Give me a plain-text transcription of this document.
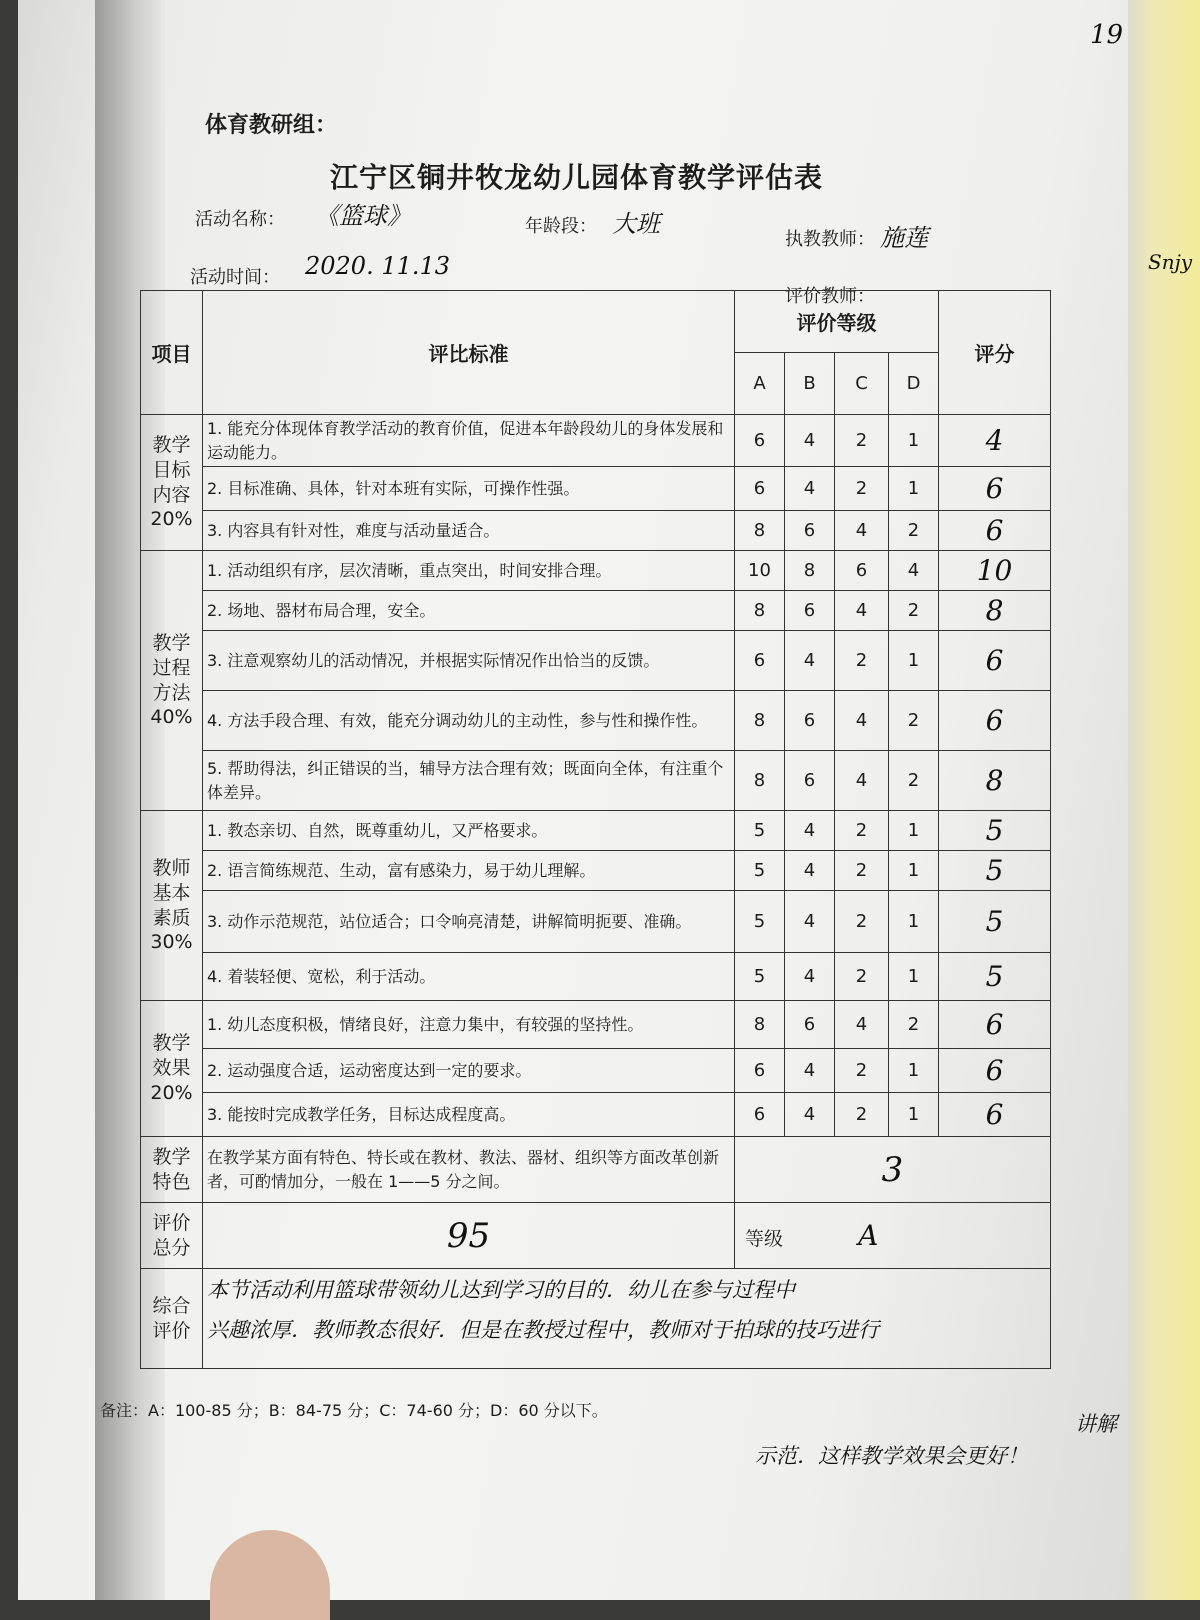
19
Snjy
体育教研组：
江宁区铜井牧龙幼儿园体育教学评估表
活动名称： 《篮球》	年龄段： 大班
执教教师： 施莲
活动时间： 2020. 11.13
评价教师：
项目	评比标准	评价等级				评分
		A	B	C	D	
教学目标内容20%	1. 能充分体现体育教学活动的教育价值，促进本年龄段幼儿的身体发展和运动能力。	6	4	2	1	4
	2. 目标准确、具体，针对本班有实际，可操作性强。	6	4	2	1	6
	3. 内容具有针对性，难度与活动量适合。	8	6	4	2	6
教学过程方法40%	1. 活动组织有序，层次清晰，重点突出，时间安排合理。	10	8	6	4	10
	2. 场地、器材布局合理，安全。	8	6	4	2	8
	3. 注意观察幼儿的活动情况，并根据实际情况作出恰当的反馈。	6	4	2	1	6
	4. 方法手段合理、有效，能充分调动幼儿的主动性，参与性和操作性。	8	6	4	2	6
	5. 帮助得法，纠正错误的当，辅导方法合理有效；既面向全体，有注重个体差异。	8	6	4	2	8
教师基本素质30%	1. 教态亲切、自然，既尊重幼儿，又严格要求。	5	4	2	1	5
	2. 语言简练规范、生动，富有感染力，易于幼儿理解。	5	4	2	1	5
	3. 动作示范规范，站位适合；口令响亮清楚，讲解简明扼要、准确。	5	4	2	1	5
	4. 着装轻便、宽松，利于活动。	5	4	2	1	5
教学效果20%	1. 幼儿态度积极，情绪良好，注意力集中，有较强的坚持性。	8	6	4	2	6
	2. 运动强度合适，运动密度达到一定的要求。	6	4	2	1	6
	3. 能按时完成教学任务，目标达成程度高。	6	4	2	1	6
教学特色	在教学某方面有特色、特长或在教材、教法、器材、组织等方面改革创新者，可酌情加分，一般在 1——5 分之间。	3				
评价总分	95	等级 A				
综合评价	本节活动利用篮球带领幼儿达到学习的目的．幼儿在参与过程中
兴趣浓厚．教师教态很好．但是在教授过程中，教师对于拍球的技巧进行					
讲解
备注：A：100-85 分；B：84-75 分；C：74-60 分；D：60 分以下。
示范．这样教学效果会更好！
